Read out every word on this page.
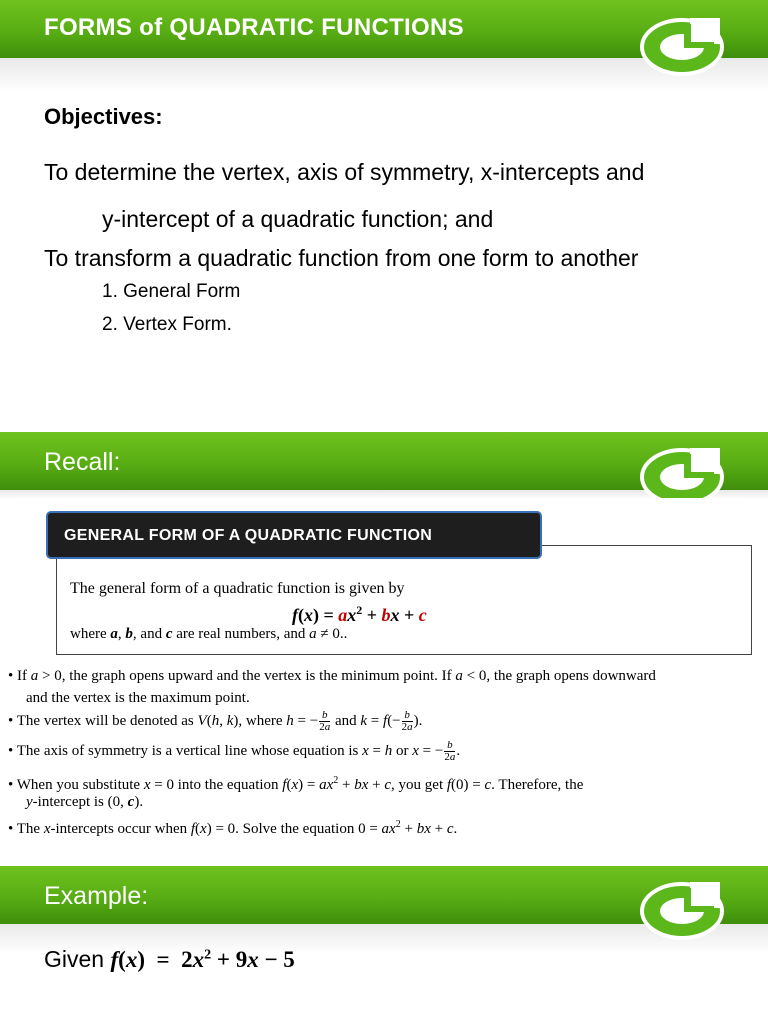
FORMS of QUADRATIC FUNCTIONS
Objectives:
To determine the vertex, axis of symmetry, x-intercepts and
y-intercept of a quadratic function; and
To transform a quadratic function from one form to another
1. General Form
2. Vertex Form.
Recall:
GENERAL FORM OF A QUADRATIC FUNCTION
The general form of a quadratic function is given by
$f(x) = ax^2$ + bx + c
where a, b, and c are real numbers, and a ≠ 0..
• If a > 0, the graph opens upward and the vertex is the minimum point. If a < 0, the graph opens downward
and the vertex is the maximum point.
• The vertex will be denoted as V(h, k), where h = − $\frac{b}{2a}$ and $k = f(- \frac{b}{2a}$ ).
• The axis of symmetry is a vertical line whose equation is x = h or x = − $\frac{b}{2a}$ .
• When you substitute x = 0 into the equation $f(x) = ax^2$ + bx + c, you get f(0) = c. Therefore, the
y-intercept is (0, c).
• The x-intercepts occur when f(x) = 0. Solve the equation $0 = ax^2$ + bx + c.
Example:
Given $f(x) = 2x^2 + 9x - 5$
